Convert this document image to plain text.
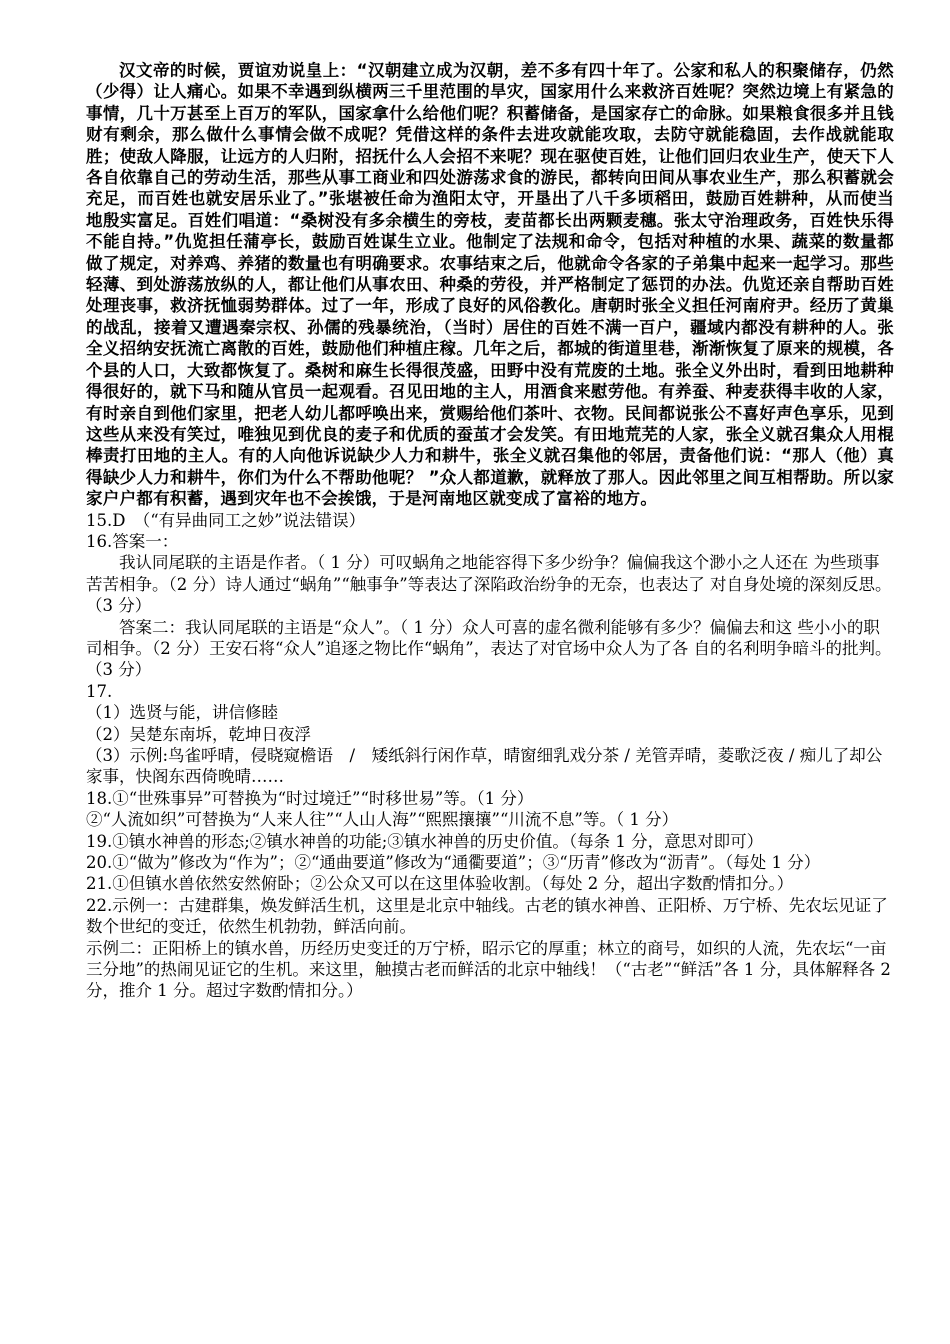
汉文帝的时候，贾谊劝说皇上：“汉朝建立成为汉朝，差不多有四十年了。公家和私人的积聚储存，仍然（少得）让人痛心。如果不幸遇到纵横两三千里范围的旱灾，国家用什么来救济百姓呢？突然边境上有紧急的事情，几十万甚至上百万的军队，国家拿什么给他们呢？积蓄储备，是国家存亡的命脉。如果粮食很多并且钱财有剩余，那么做什么事情会做不成呢？凭借这样的条件去进攻就能攻取，去防守就能稳固，去作战就能取胜；使敌人降服，让远方的人归附，招抚什么人会招不来呢？现在驱使百姓，让他们回归农业生产，使天下人各自依靠自己的劳动生活，那些从事工商业和四处游荡求食的游民，都转向田间从事农业生产，那么积蓄就会充足，而百姓也就安居乐业了。”张堪被任命为渔阳太守，开垦出了八千多顷稻田，鼓励百姓耕种，从而使当地殷实富足。百姓们唱道：“桑树没有多余横生的旁枝，麦苗都长出两颗麦穗。张太守治理政务，百姓快乐得不能自持。”仇览担任蒲亭长，鼓励百姓谋生立业。他制定了法规和命令，包括对种植的水果、蔬菜的数量都做了规定，对养鸡、养猪的数量也有明确要求。农事结束之后，他就命令各家的子弟集中起来一起学习。那些轻薄、到处游荡放纵的人，都让他们从事农田、种桑的劳役，并严格制定了惩罚的办法。仇览还亲自帮助百姓处理丧事，救济抚恤弱势群体。过了一年，形成了良好的风俗教化。唐朝时张全义担任河南府尹。经历了黄巢的战乱，接着又遭遇秦宗权、孙儒的残暴统治，（当时）居住的百姓不满一百户，疆域内都没有耕种的人。张全义招纳安抚流亡离散的百姓，鼓励他们种植庄稼。几年之后，都城的街道里巷，渐渐恢复了原来的规模，各个县的人口，大致都恢复了。桑树和麻生长得很茂盛，田野中没有荒废的土地。张全义外出时，看到田地耕种得很好的，就下马和随从官员一起观看。召见田地的主人，用酒食来慰劳他。有养蚕、种麦获得丰收的人家，有时亲自到他们家里，把老人幼儿都呼唤出来，赏赐给他们茶叶、衣物。民间都说张公不喜好声色享乐，见到这些从来没有笑过，唯独见到优良的麦子和优质的蚕茧才会发笑。有田地荒芜的人家，张全义就召集众人用棍棒责打田地的主人。有的人向他诉说缺少人力和耕牛，张全义就召集他的邻居，责备他们说：“那人（他）真得缺少人力和耕牛，你们为什么不帮助他呢？ ”众人都道歉，就释放了那人。因此邻里之间互相帮助。所以家家户户都有积蓄，遇到灾年也不会挨饿，于是河南地区就变成了富裕的地方。

15.D　（“有异曲同工之妙”说法错误）

16.答案一：

我认同尾联的主语是作者。（ 1 分）可叹蜗角之地能容得下多少纷争？偏偏我这个渺小之人还在 为些琐事苦苦相争。（2 分）诗人通过“蜗角”“触事争”等表达了深陷政治纷争的无奈，也表达了 对自身处境的深刻反思。（3 分）

答案二：我认同尾联的主语是“众人”。（ 1 分）众人可喜的虚名微利能够有多少？偏偏去和这 些小小的职司相争。（2 分）王安石将“众人”追逐之物比作“蜗角”，表达了对官场中众人为了各 自的名利明争暗斗的批判。（3 分）

17.

（1）选贤与能，讲信修睦

（2）吴楚东南坼，乾坤日夜浮

（3）示例:鸟雀呼晴，侵晓窥檐语　/　矮纸斜行闲作草，晴窗细乳戏分茶 / 羌管弄晴，菱歌泛夜 / 痴儿了却公家事，快阁东西倚晚晴……

18.①“世殊事异”可替换为“时过境迁”“时移世易”等。（1 分）

②“人流如织”可替换为“人来人往”“人山人海”“熙熙攘攘”“川流不息”等。（ 1 分）

19.①镇水神兽的形态;②镇水神兽的功能;③镇水神兽的历史价值。（每条 1 分，意思对即可）

20.①“做为”修改为“作为”；②“通曲要道”修改为“通衢要道”；③“历青”修改为“沥青”。（每处 1 分）

21.①但镇水兽依然安然俯卧；②公众又可以在这里体验收割。（每处 2 分，超出字数酌情扣分。）

22.示例一：古建群集，焕发鲜活生机，这里是北京中轴线。古老的镇水神兽、正阳桥、万宁桥、先农坛见证了数个世纪的变迁，依然生机勃勃，鲜活向前。

示例二：正阳桥上的镇水兽，历经历史变迁的万宁桥，昭示它的厚重；林立的商号，如织的人流，先农坛“一亩三分地”的热闹见证它的生机。来这里，触摸古老而鲜活的北京中轴线！（“古老”“鲜活”各 1 分，具体解释各 2 分，推介 1 分。超过字数酌情扣分。）
